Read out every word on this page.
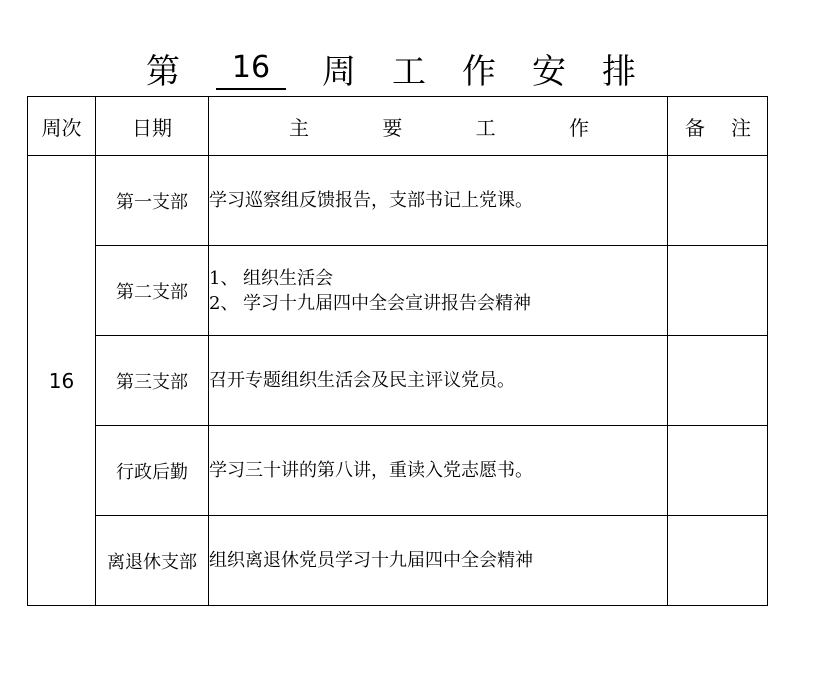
第	16	周 工 作 安 排
周次	日期	主 要 工 作	备 注

16	第一支部	学习巡察组反馈报告，支部书记上党课。	
	第二支部	1、 组织生活会
2、 学习十九届四中全会宣讲报告会精神	

	第三支部	召开专题组织生活会及民主评议党员。	
	行政后勤	学习三十讲的第八讲，重读入党志愿书。	
	离退休支部	组织离退休党员学习十九届四中全会精神	
